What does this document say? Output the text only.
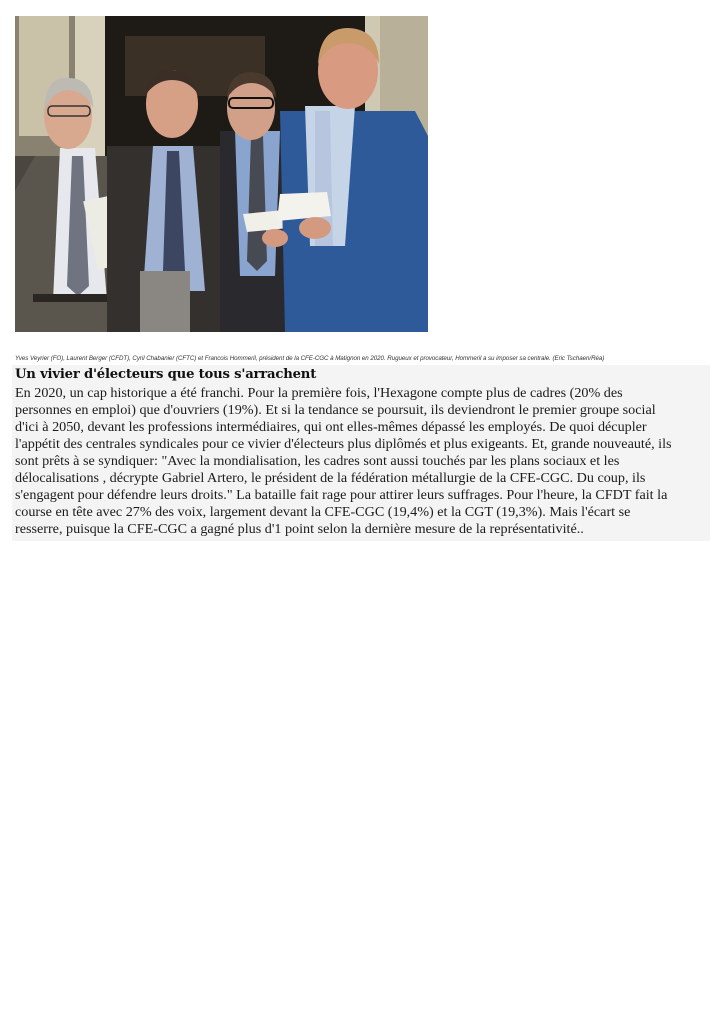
Yves Veyrier (FO), Laurent Berger (CFDT), Cyril Chabanier (CFTC) et Francois Hommeril, président de la CFE-CGC à Matignon en 2020. Rugueux et provocateur, Hommeril a su imposer sa centrale. (Eric Tschaen/Réa)
Un vivier d'électeurs que tous s'arrachent
En 2020, un cap historique a été franchi. Pour la première fois, l'Hexagone compte plus de cadres (20% des
personnes en emploi) que d'ouvriers (19%). Et si la tendance se poursuit, ils deviendront le premier groupe social
d'ici à 2050, devant les professions intermédiaires, qui ont elles-mêmes dépassé les employés. De quoi décupler
l'appétit des centrales syndicales pour ce vivier d'électeurs plus diplômés et plus exigeants. Et, grande nouveauté, ils
sont prêts à se syndiquer: "Avec la mondialisation, les cadres sont aussi touchés par les plans sociaux et les
délocalisations , décrypte Gabriel Artero, le président de la fédération métallurgie de la CFE-CGC. Du coup, ils
s'engagent pour défendre leurs droits." La bataille fait rage pour attirer leurs suffrages. Pour l'heure, la CFDT fait la
course en tête avec 27% des voix, largement devant la CFE-CGC (19,4%) et la CGT (19,3%). Mais l'écart se
resserre, puisque la CFE-CGC a gagné plus d'1 point selon la dernière mesure de la représentativité..
